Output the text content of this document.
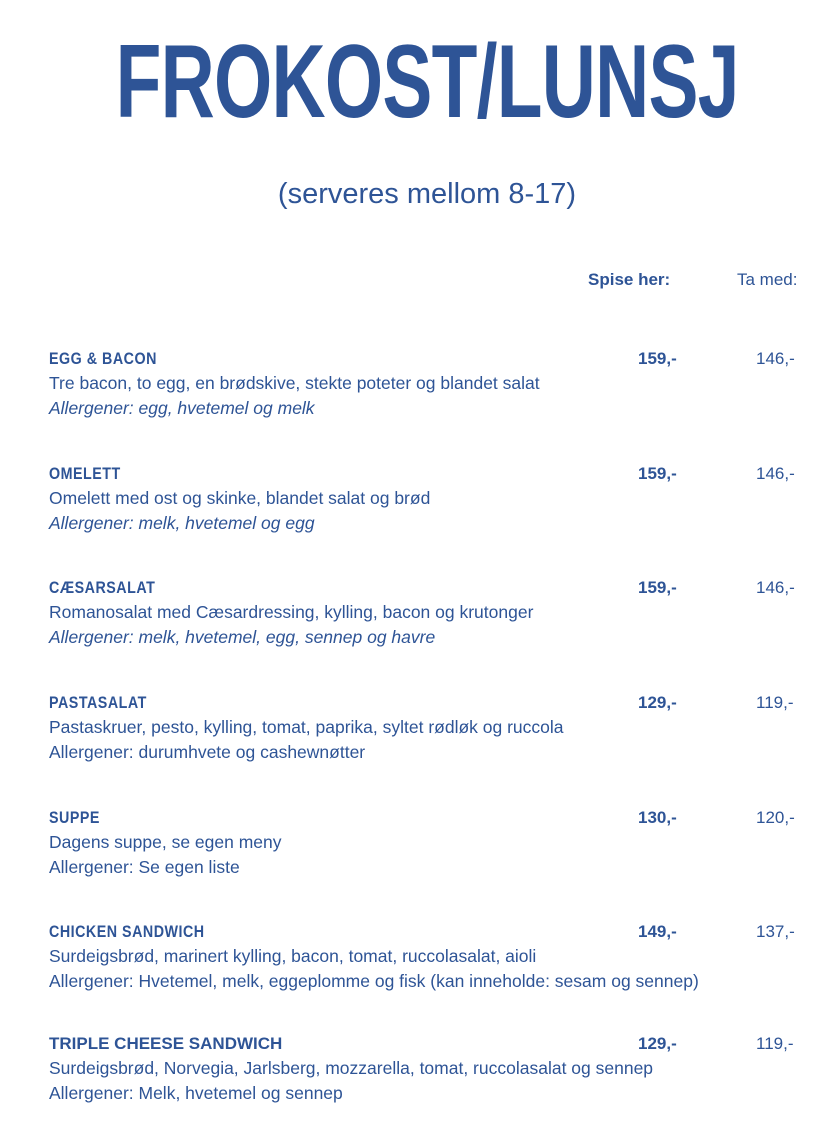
FROKOST/LUNSJ
(serveres mellom 8-17)
Spise her:	Ta med:
EGG & BACON
Tre bacon, to egg, en brødskive, stekte poteter og blandet salat
Allergener: egg, hvetemel og melk
159,-	146,-
OMELETT
Omelett med ost og skinke, blandet salat og brød
Allergener: melk, hvetemel og egg
159,-	146,-
CÆSARSALAT
Romanosalat med Cæsardressing, kylling, bacon og krutonger
Allergener: melk, hvetemel, egg, sennep og havre
159,-	146,-
PASTASALAT
Pastaskruer, pesto, kylling, tomat, paprika, syltet rødløk og ruccola
Allergener: durumhvete og cashewnøtter
129,-	119,-
SUPPE
Dagens suppe, se egen meny
Allergener: Se egen liste
130,-	120,-
CHICKEN SANDWICH
Surdeigsbrød, marinert kylling, bacon, tomat, ruccolasalat, aioli
Allergener: Hvetemel, melk, eggeplomme og fisk (kan inneholde: sesam og sennep)
149,-	137,-
TRIPLE CHEESE SANDWICH
Surdeigsbrød, Norvegia, Jarlsberg, mozzarella, tomat, ruccolasalat og sennep
Allergener: Melk, hvetemel og sennep
129,-	119,-
